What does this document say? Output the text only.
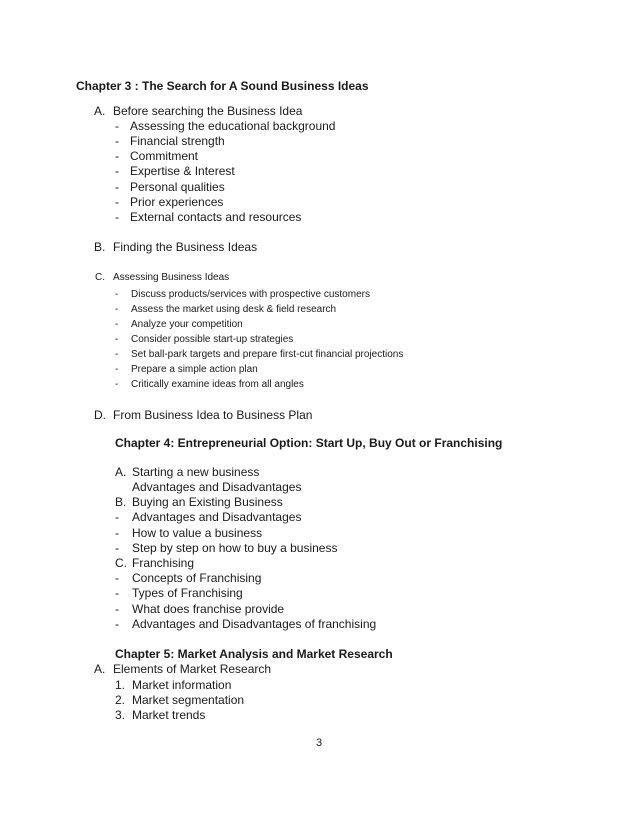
Chapter 3 : The Search for A Sound Business Ideas
A. Before searching the Business Idea
- Assessing the educational background
- Financial strength
- Commitment
- Expertise & Interest
- Personal qualities
- Prior experiences
- External contacts and resources
B. Finding the Business Ideas
C. Assessing Business Ideas
- Discuss products/services with prospective customers
- Assess the market using desk & field research
- Analyze your competition
- Consider possible start-up strategies
- Set ball-park targets and prepare first-cut financial projections
- Prepare a simple action plan
- Critically examine ideas from all angles
D. From Business Idea to Business Plan
Chapter 4: Entrepreneurial Option: Start Up, Buy Out or Franchising
A. Starting a new business
Advantages and Disadvantages
B. Buying an Existing Business
- Advantages and Disadvantages
- How to value a business
- Step by step on how to buy a business
C. Franchising
- Concepts of Franchising
- Types of Franchising
- What does franchise provide
- Advantages and Disadvantages of franchising
Chapter 5: Market Analysis and Market Research
A. Elements of Market Research
1. Market information
2. Market segmentation
3. Market trends
3
